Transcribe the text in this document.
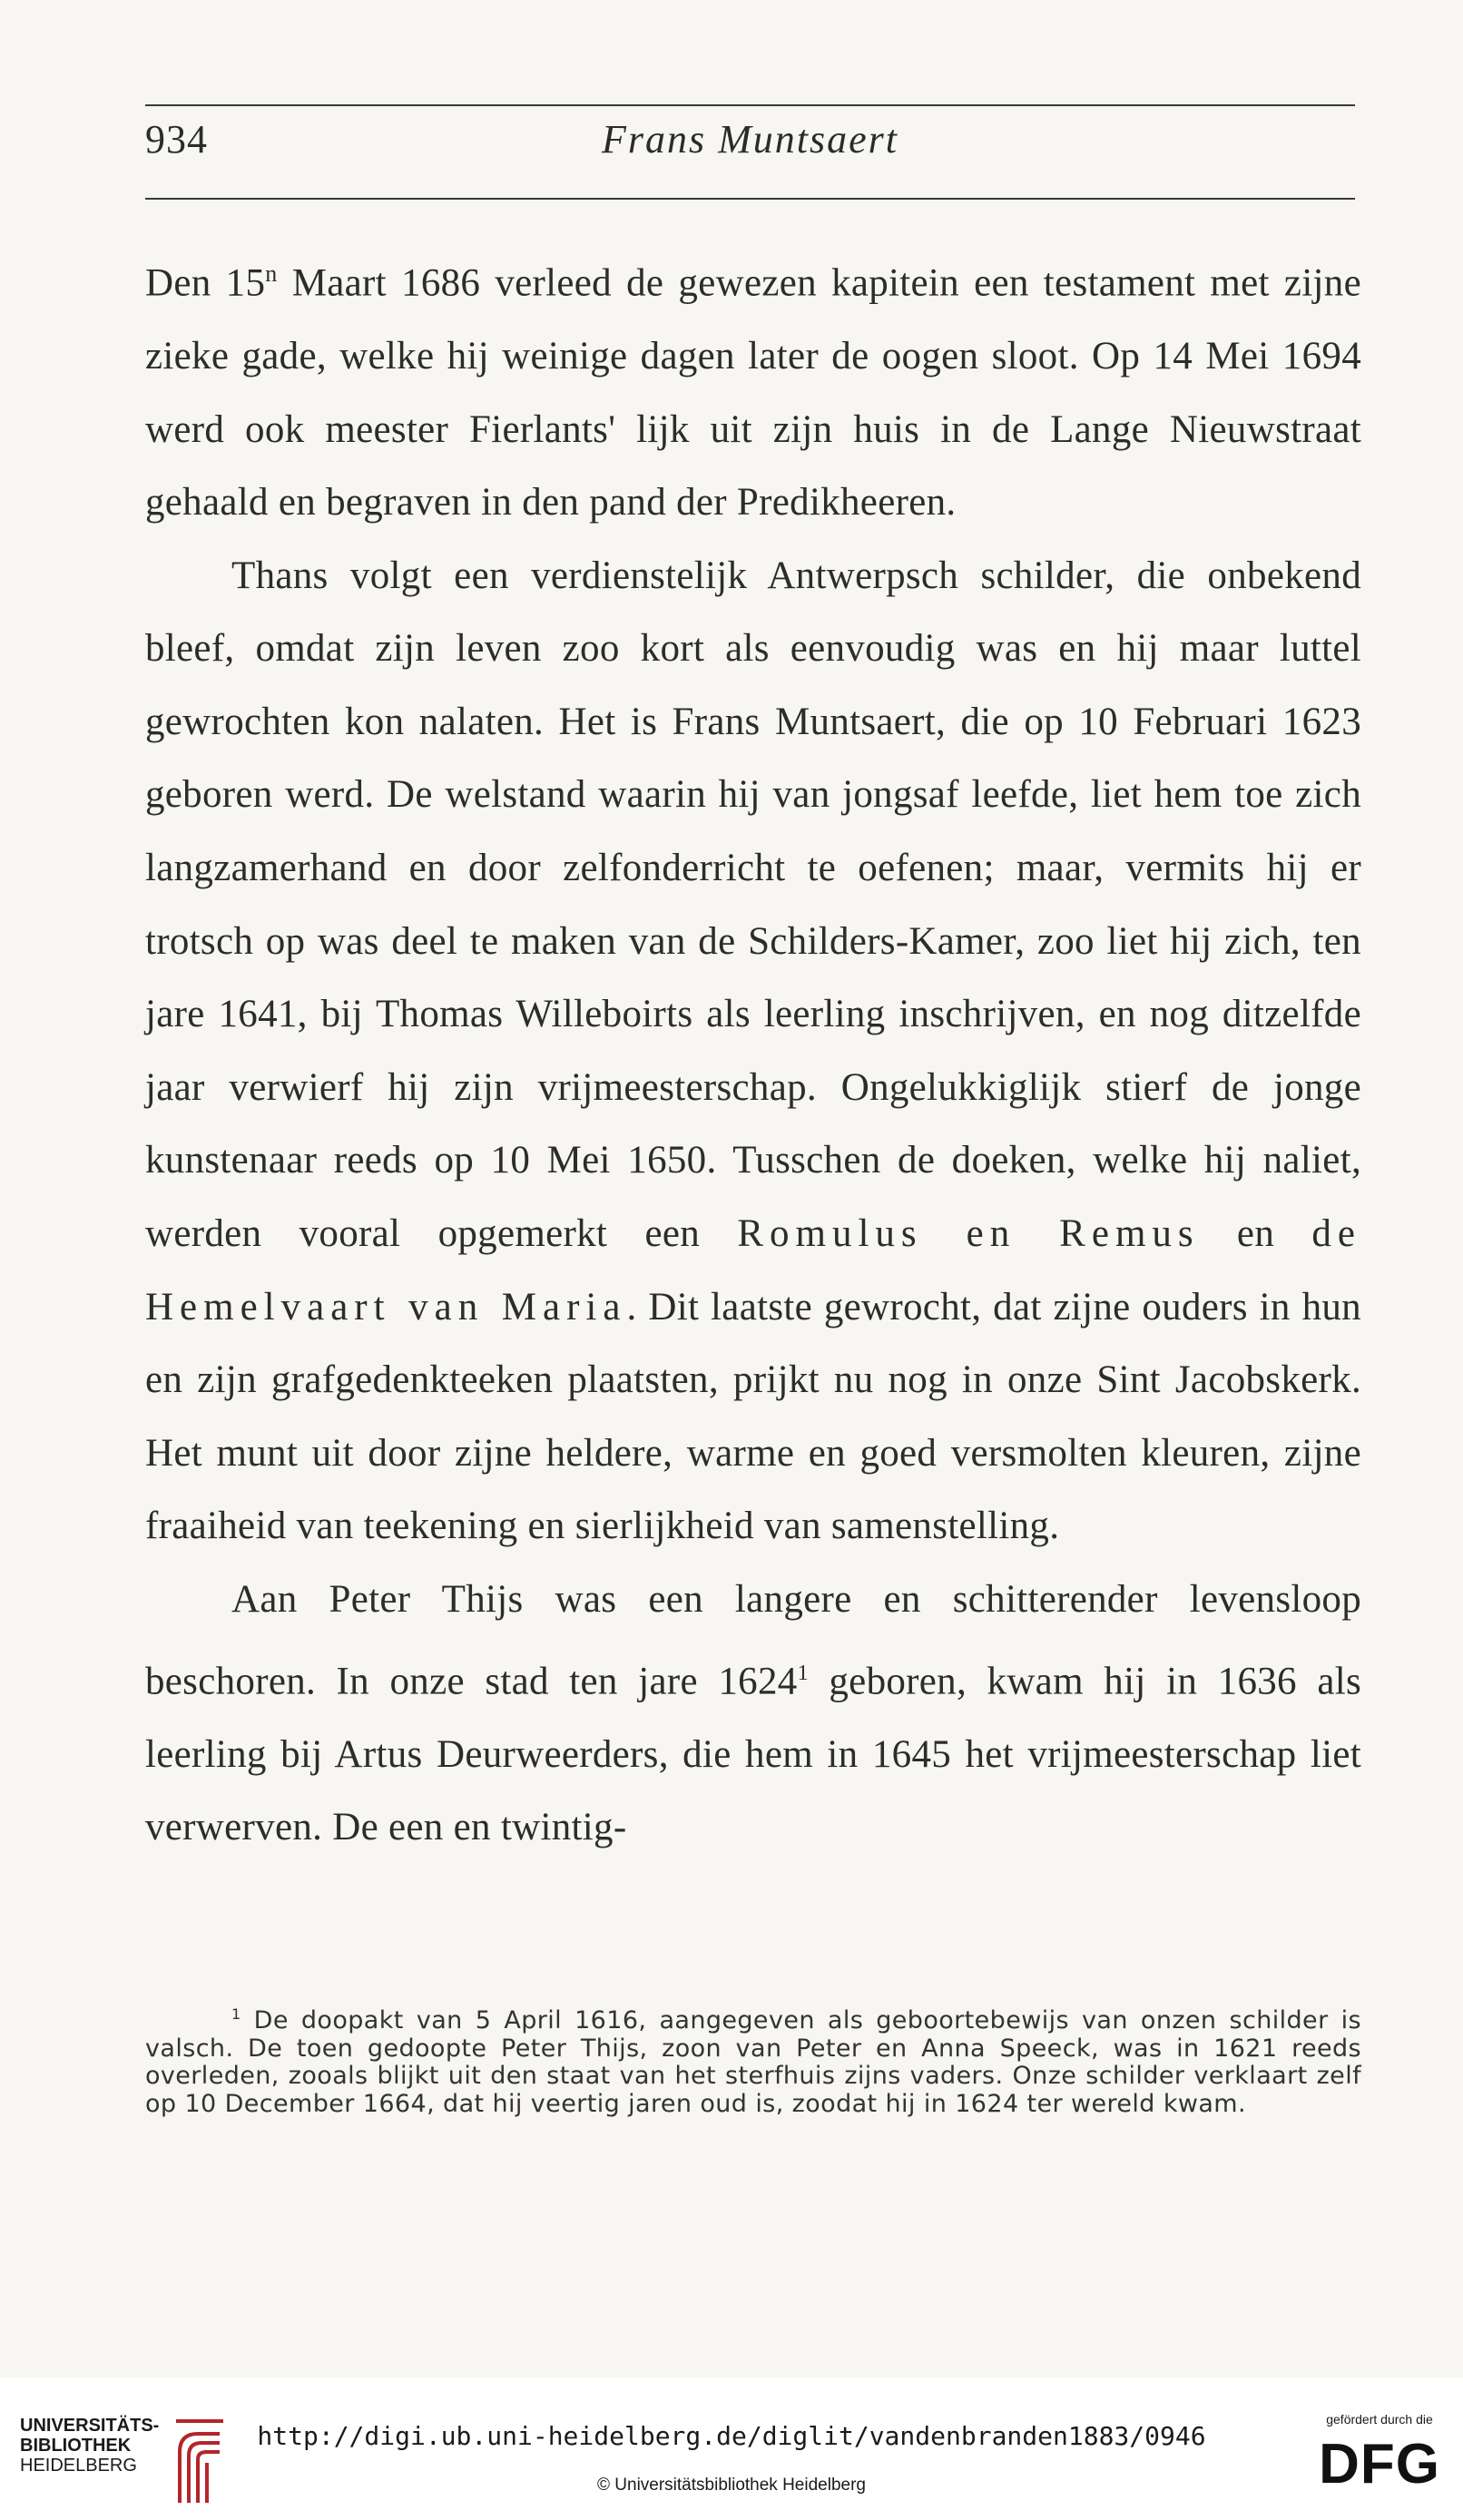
934	Frans Muntsaert

Den 15$^n$ Maart 1686 verleed de gewezen kapitein een testament met zijne zieke gade, welke hij weinige dagen later de oogen sloot. Op 14 Mei 1694 werd ook meester Fierlants' lijk uit zijn huis in de Lange Nieuwstraat gehaald en begraven in den pand der Predikheeren.

Thans volgt een verdienstelijk Antwerpsch schilder, die onbekend bleef, omdat zijn leven zoo kort als eenvoudig was en hij maar luttel gewrochten kon nalaten. Het is Frans Muntsaert, die op 10 Februari 1623 geboren werd. De welstand waarin hij van jongsaf leefde, liet hem toe zich langzamerhand en door zelfonderricht te oefenen; maar, vermits hij er trotsch op was deel te maken van de Schilders-Kamer, zoo liet hij zich, ten jare 1641, bij Thomas Willeboirts als leerling inschrijven, en nog ditzelfde jaar verwierf hij zijn vrijmeesterschap. Ongelukkiglijk stierf de jonge kunstenaar reeds op 10 Mei 1650. Tusschen de doeken, welke hij naliet, werden vooral opgemerkt een Romulus en Remus en de Hemelvaart van Maria. Dit laatste gewrocht, dat zijne ouders in hun en zijn grafgedenkteeken plaatsten, prijkt nu nog in onze Sint Jacobskerk. Het munt uit door zijne heldere, warme en goed versmolten kleuren, zijne fraaiheid van teekening en sierlijkheid van samenstelling.

Aan Peter Thijs was een langere en schitterender levensloop beschoren. In onze stad ten jare 1624$^1$ geboren, kwam hij in 1636 als leerling bij Artus Deurweerders, die hem in 1645 het vrijmeesterschap liet verwerven. De een en twintig-

$^1$ De doopakt van 5 April 1616, aangegeven als geboortebewijs van onzen schilder is valsch. De toen gedoopte Peter Thijs, zoon van Peter en Anna Speeck, was in 1621 reeds overleden, zooals blijkt uit den staat van het sterfhuis zijns vaders. Onze schilder verklaart zelf op 10 December 1664, dat hij veertig jaren oud is, zoodat hij in 1624 ter wereld kwam.

UNIVERSITÄTS-
BIBLIOTHEK
HEIDELBERG
http://digi.ub.uni-heidelberg.de/diglit/vandenbranden1883/0946
© Universitätsbibliothek Heidelberg
gefördert durch die
DFG
